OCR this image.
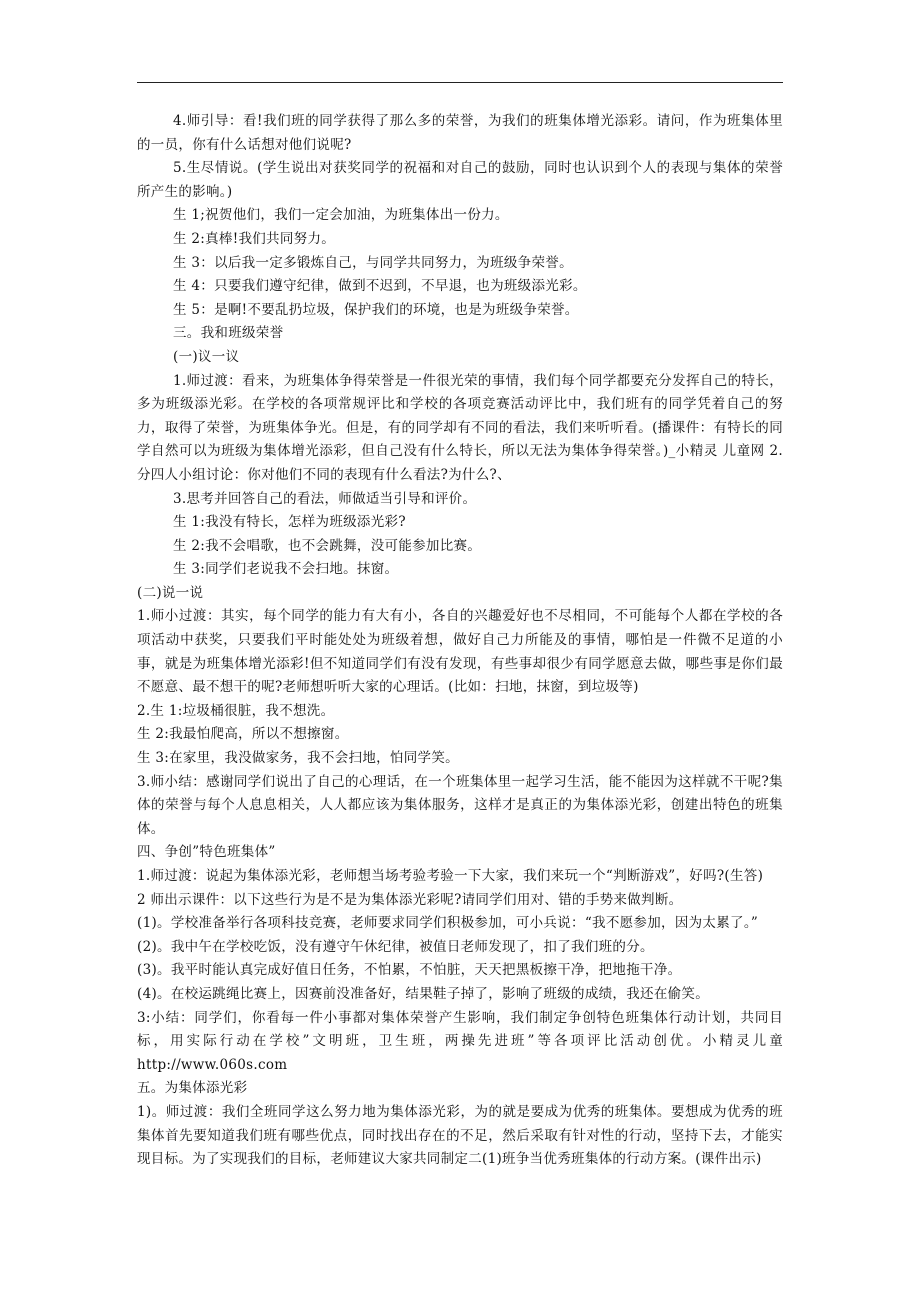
4.师引导：看!我们班的同学获得了那么多的荣誉，为我们的班集体增光添彩。请问，作为班集体里的一员，你有什么话想对他们说呢?

5.生尽情说。(学生说出对获奖同学的祝福和对自己的鼓励，同时也认识到个人的表现与集体的荣誉所产生的影响。)

生 1;祝贺他们，我们一定会加油，为班集体出一份力。

生 2:真棒!我们共同努力。

生 3：以后我一定多锻炼自己，与同学共同努力，为班级争荣誉。

生 4：只要我们遵守纪律，做到不迟到，不早退，也为班级添光彩。

生 5：是啊!不要乱扔垃圾，保护我们的环境，也是为班级争荣誉。

三。我和班级荣誉

(一)议一议

1.师过渡：看来，为班集体争得荣誉是一件很光荣的事情，我们每个同学都要充分发挥自己的特长，多为班级添光彩。在学校的各项常规评比和学校的各项竞赛活动评比中，我们班有的同学凭着自己的努力，取得了荣誉，为班集体争光。但是，有的同学却有不同的看法，我们来听听看。(播课件：有特长的同学自然可以为班级为集体增光添彩，但自己没有什么特长，所以无法为集体争得荣誉。)_小精灵 儿童网 2.分四人小组讨论：你对他们不同的表现有什么看法?为什么?、

3.思考并回答自己的看法，师做适当引导和评价。

生 1:我没有特长，怎样为班级添光彩?

生 2:我不会唱歌，也不会跳舞，没可能参加比赛。

生 3:同学们老说我不会扫地。抹窗。

(二)说一说

1.师小过渡：其实，每个同学的能力有大有小，各自的兴趣爱好也不尽相同，不可能每个人都在学校的各项活动中获奖，只要我们平时能处处为班级着想，做好自己力所能及的事情，哪怕是一件微不足道的小事，就是为班集体增光添彩!但不知道同学们有没有发现，有些事却很少有同学愿意去做，哪些事是你们最不愿意、最不想干的呢?老师想听听大家的心理话。(比如：扫地，抹窗，到垃圾等)

2.生 1:垃圾桶很脏，我不想洗。

生 2:我最怕爬高，所以不想擦窗。

生 3:在家里，我没做家务，我不会扫地，怕同学笑。

3.师小结：感谢同学们说出了自己的心理话，在一个班集体里一起学习生活，能不能因为这样就不干呢?集体的荣誉与每个人息息相关，人人都应该为集体服务，这样才是真正的为集体添光彩，创建出特色的班集体。

四、争创”特色班集体”

1.师过渡：说起为集体添光彩，老师想当场考验考验一下大家，我们来玩一个“判断游戏”，好吗?(生答)

2 师出示课件：以下这些行为是不是为集体添光彩呢?请同学们用对、错的手势来做判断。

(1)。学校准备举行各项科技竞赛，老师要求同学们积极参加，可小兵说：“我不愿参加，因为太累了。”

(2)。我中午在学校吃饭，没有遵守午休纪律，被值日老师发现了，扣了我们班的分。

(3)。我平时能认真完成好值日任务，不怕累，不怕脏，天天把黑板擦干净，把地拖干净。

(4)。在校运跳绳比赛上，因赛前没准备好，结果鞋子掉了，影响了班级的成绩，我还在偷笑。

3:小结：同学们，你看每一件小事都对集体荣誉产生影响，我们制定争创特色班集体行动计划，共同目标，用实际行动在学校”文明班，卫生班，两操先进班”等各项评比活动创优。小精灵儿童 http://www.060s.com

五。为集体添光彩

1)。师过渡：我们全班同学这么努力地为集体添光彩，为的就是要成为优秀的班集体。要想成为优秀的班集体首先要知道我们班有哪些优点，同时找出存在的不足，然后采取有针对性的行动，坚持下去，才能实现目标。为了实现我们的目标，老师建议大家共同制定二(1)班争当优秀班集体的行动方案。(课件出示)
